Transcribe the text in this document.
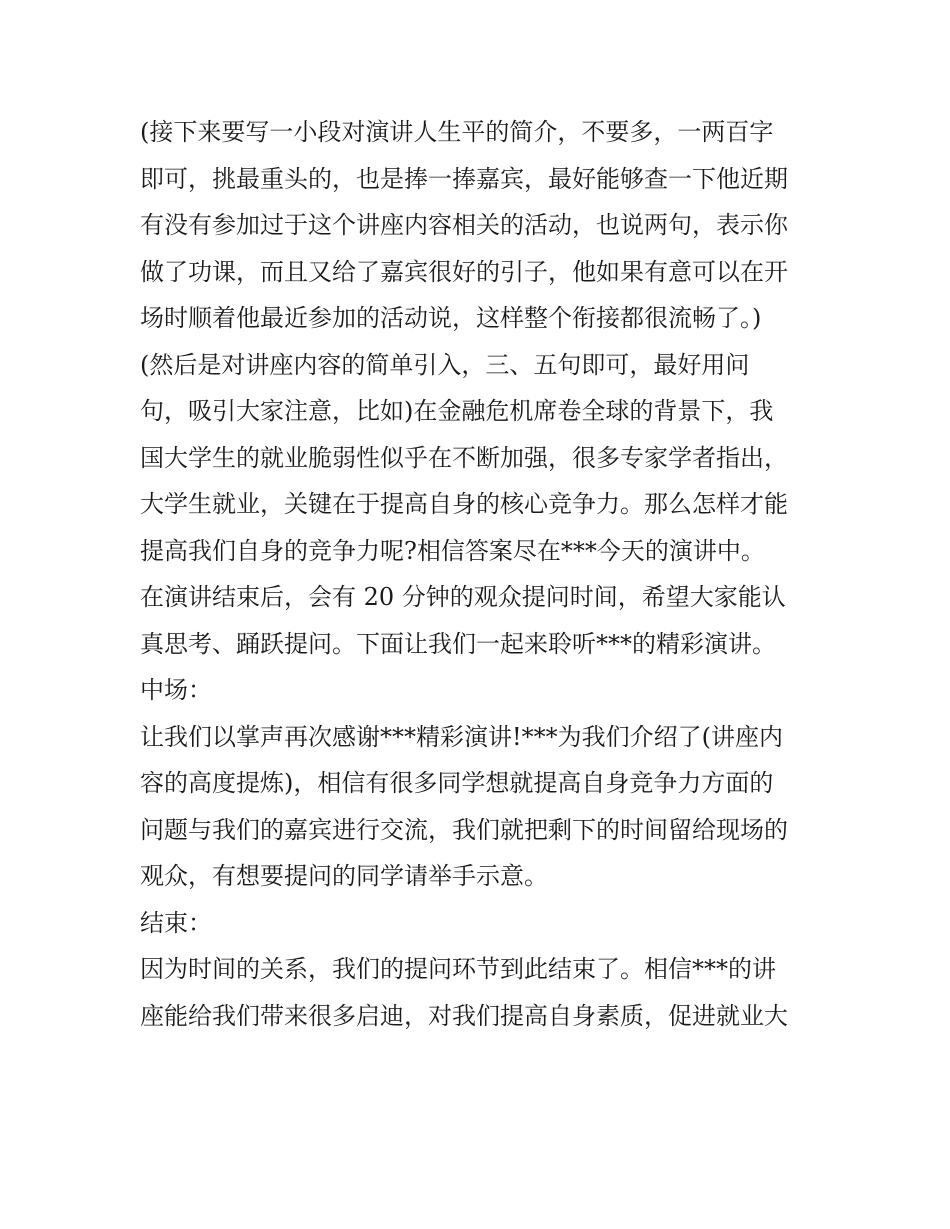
(接下来要写一小段对演讲人生平的简介，不要多，一两百字
即可，挑最重头的，也是捧一捧嘉宾，最好能够查一下他近期
有没有参加过于这个讲座内容相关的活动，也说两句，表示你
做了功课，而且又给了嘉宾很好的引子，他如果有意可以在开
场时顺着他最近参加的活动说，这样整个衔接都很流畅了。)
(然后是对讲座内容的简单引入，三、五句即可，最好用问
句，吸引大家注意，比如)在金融危机席卷全球的背景下，我
国大学生的就业脆弱性似乎在不断加强，很多专家学者指出，
大学生就业，关键在于提高自身的核心竞争力。那么怎样才能
提高我们自身的竞争力呢?相信答案尽在***今天的演讲中。
在演讲结束后，会有 20 分钟的观众提问时间，希望大家能认
真思考、踊跃提问。下面让我们一起来聆听***的精彩演讲。
中场：
让我们以掌声再次感谢***精彩演讲!***为我们介绍了(讲座内
容的高度提炼)，相信有很多同学想就提高自身竞争力方面的
问题与我们的嘉宾进行交流，我们就把剩下的时间留给现场的
观众，有想要提问的同学请举手示意。
结束：
因为时间的关系，我们的提问环节到此结束了。相信***的讲
座能给我们带来很多启迪，对我们提高自身素质，促进就业大
